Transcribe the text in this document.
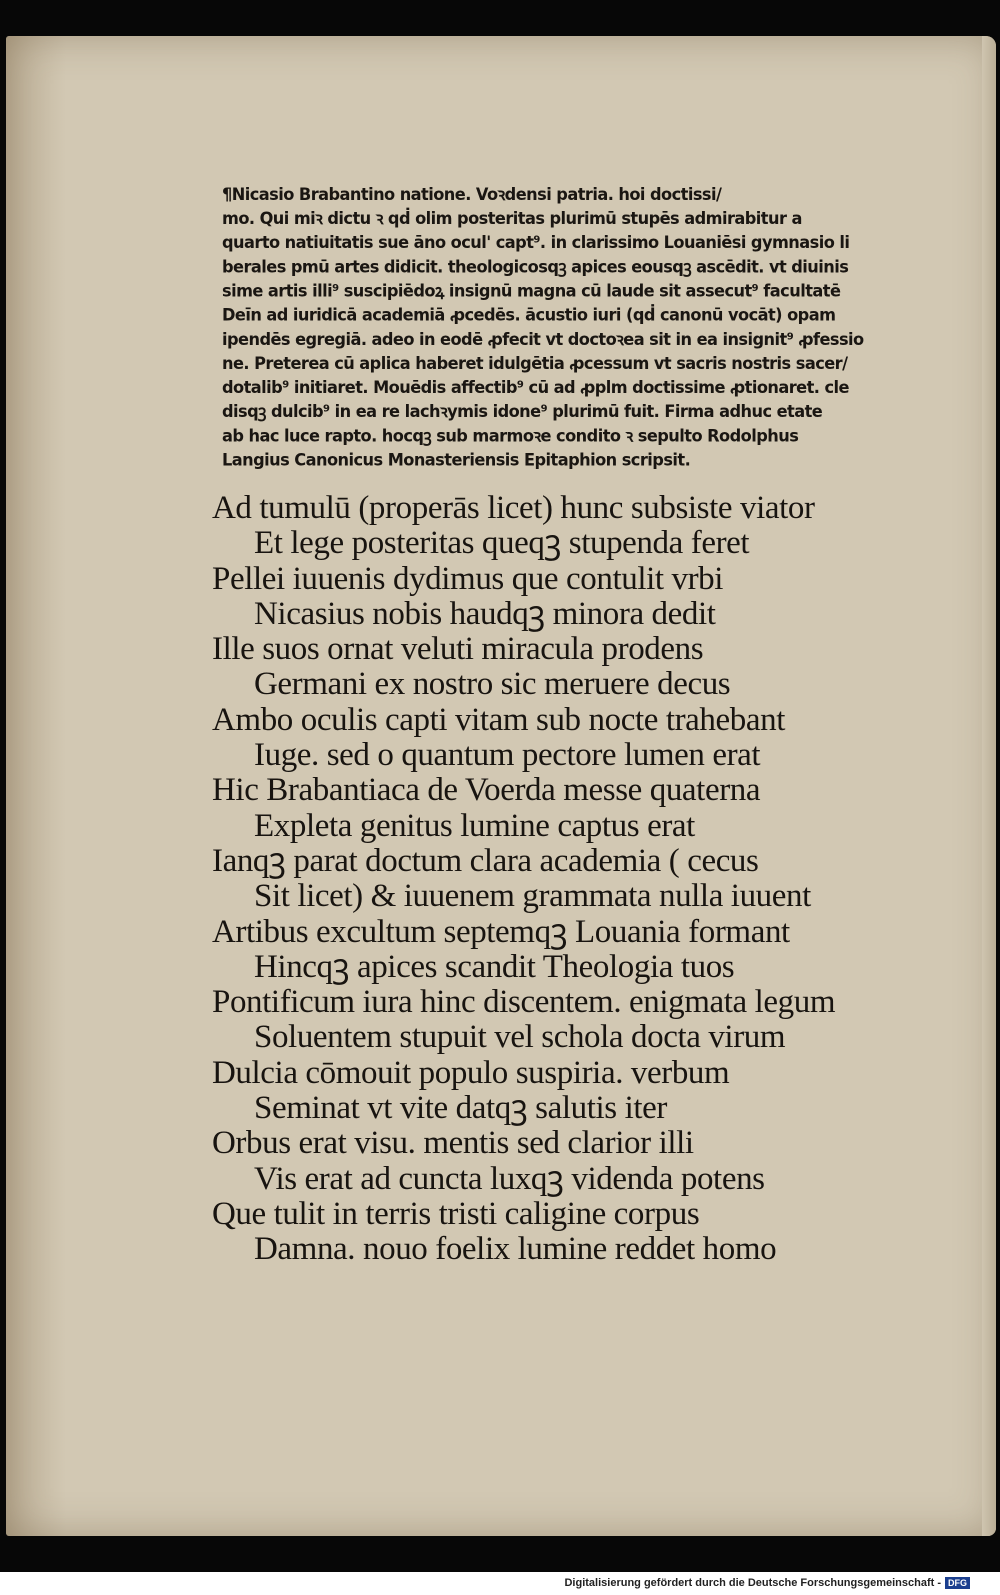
¶Nicasio Brabantino natione. Voꝛdensi patria. hoi doctissi/
mo. Qui miꝛ dictu ꝛ qḋ olim posteritas plurimū stupēs admirabitur a
quarto natiuitatis sue āno ocul' capt⁹. in clarissimo Louaniēsi gymnasio li
berales pmū artes didicit. theologicosqꝫ apices eousqꝫ ascēdit. vt diuinis
sime artis illi⁹ suscipiēdoꝝ insignū magna cū laude sit assecut⁹ facultatē
Deīn ad iuridicā academiā ꝓcedēs. ācustio iuri (qḋ canonū vocāt) opam
ipendēs egregiā. adeo in eodē ꝓfecit vt doctoꝛea sit in ea insignit⁹ ꝓfessio
ne. Preterea cū aplica haberet idulgētia ꝓcessum vt sacris nostris sacer/
dotalib⁹ initiaret. Mouēdis affectib⁹ cū ad ꝓplm doctissime ꝓtionaret. cle
disqꝫ dulcib⁹ in ea re lachꝛymis idone⁹ plurimū fuit. Firma adhuc etate
ab hac luce rapto. hocqꝫ sub marmoꝛe condito ꝛ sepulto Rodolphus
Langius Canonicus Monasteriensis Epitaphion scripsit.
Ad tumulū (properās licet) hunc subsiste viator
Et lege posteritas queqꝫ stupenda feret
Pellei iuuenis dydimus que contulit vrbi
Nicasius nobis haudqꝫ minora dedit
Ille suos ornat veluti miracula prodens
Germani ex nostro sic meruere decus
Ambo oculis capti vitam sub nocte trahebant
Iuge. sed o quantum pectore lumen erat
Hic Brabantiaca de Voerda messe quaterna
Expleta genitus lumine captus erat
Ianqꝫ parat doctum clara academia ( cecus
Sit licet) & iuuenem grammata nulla iuuent
Artibus excultum septemqꝫ Louania formant
Hincqꝫ apices scandit Theologia tuos
Pontificum iura hinc discentem. enigmata legum
Soluentem stupuit vel schola docta virum
Dulcia cōmouit populo suspiria. verbum
Seminat vt vite datqꝫ salutis iter
Orbus erat visu. mentis sed clarior illi
Vis erat ad cuncta luxqꝫ videnda potens
Que tulit in terris tristi caligine corpus
Damna. nouo foelix lumine reddet homo
Digitalisierung gefördert durch die Deutsche Forschungsgemeinschaft - DFG
